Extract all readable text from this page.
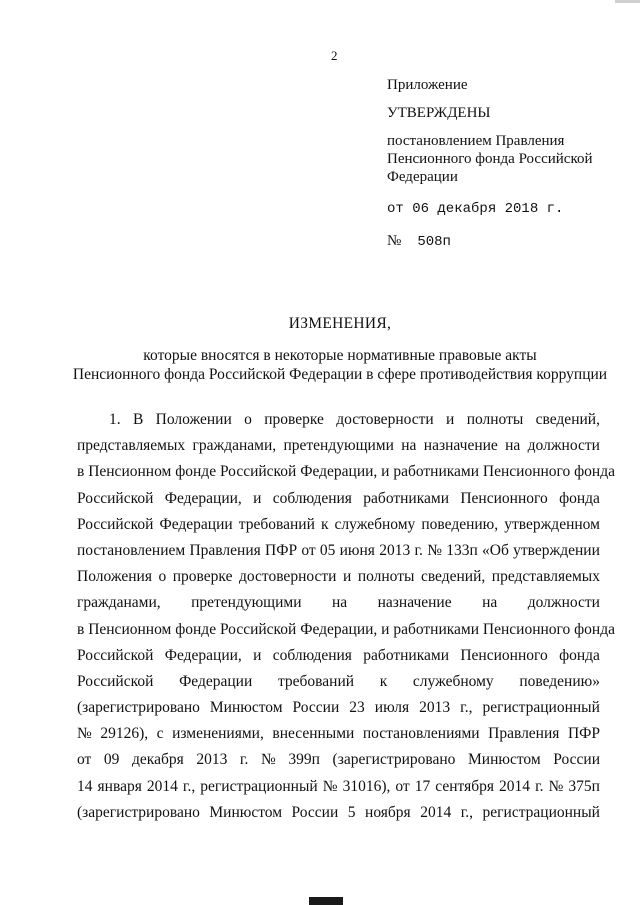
2
Приложение
УТВЕРЖДЕНЫ
постановлением Правления
Пенсионного фонда Российской
Федерации
от 06 декабря 2018 г.
№ 508п
ИЗМЕНЕНИЯ,
которые вносятся в некоторые нормативные правовые акты
Пенсионного фонда Российской Федерации в сфере противодействия коррупции
1. В Положении о проверке достоверности и полноты сведений,
представляемых гражданами, претендующими на назначение на должности
в Пенсионном фонде Российской Федерации, и работниками Пенсионного фонда
Российской Федерации, и соблюдения работниками Пенсионного фонда
Российской Федерации требований к служебному поведению, утвержденном
постановлением Правления ПФР от 05 июня 2013 г. № 133п «Об утверждении
Положения о проверке достоверности и полноты сведений, представляемых
гражданами, претендующими на назначение на должности
в Пенсионном фонде Российской Федерации, и работниками Пенсионного фонда
Российской Федерации, и соблюдения работниками Пенсионного фонда
Российской Федерации требований к служебному поведению»
(зарегистрировано Минюстом России 23 июля 2013 г., регистрационный
№ 29126), с изменениями, внесенными постановлениями Правления ПФР
от 09 декабря 2013 г. № 399п (зарегистрировано Минюстом России
14 января 2014 г., регистрационный № 31016), от 17 сентября 2014 г. № 375п
(зарегистрировано Минюстом России 5 ноября 2014 г., регистрационный
